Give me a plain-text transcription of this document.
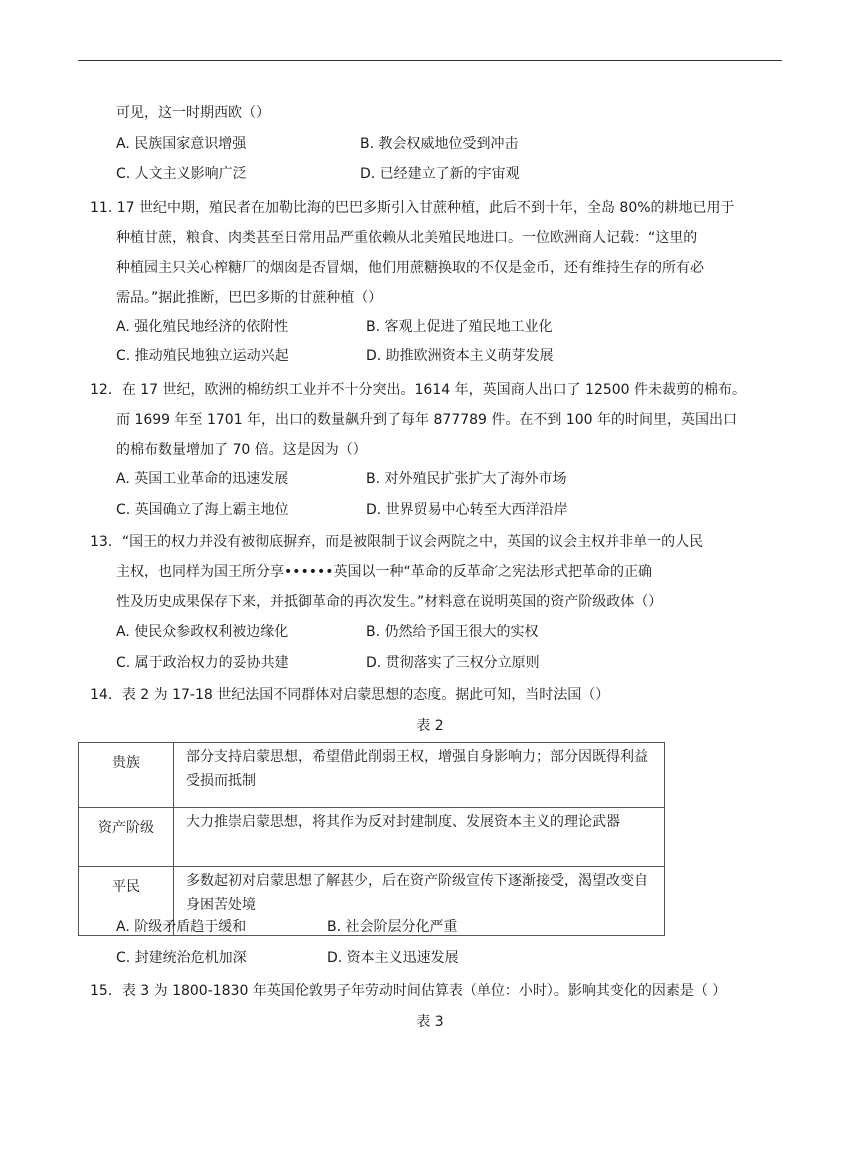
可见，这一时期西欧（）
A. 民族国家意识增强	B. 教会权威地位受到冲击
C. 人文主义影响广泛	D. 已经建立了新的宇宙观
11. 17 世纪中期，殖民者在加勒比海的巴巴多斯引入甘蔗种植，此后不到十年，全岛 80%的耕地已用于
种植甘蔗，粮食、肉类甚至日常用品严重依赖从北美殖民地进口。一位欧洲商人记载：“这里的
种植园主只关心榨糖厂的烟囱是否冒烟，他们用蔗糖换取的不仅是金币，还有维持生存的所有必
需品。”据此推断，巴巴多斯的甘蔗种植（）
A. 强化殖民地经济的依附性	B. 客观上促进了殖民地工业化
C. 推动殖民地独立运动兴起	D. 助推欧洲资本主义萌芽发展
12．在 17 世纪，欧洲的棉纺织工业并不十分突出。1614 年，英国商人出口了 12500 件未裁剪的棉布。
而 1699 年至 1701 年，出口的数量飙升到了每年 877789 件。在不到 100 年的时间里，英国出口
的棉布数量增加了 70 倍。这是因为（）
A. 英国工业革命的迅速发展	B. 对外殖民扩张扩大了海外市场
C. 英国确立了海上霸主地位	D. 世界贸易中心转至大西洋沿岸
13．“国王的权力并没有被彻底摒弃，而是被限制于议会两院之中，英国的议会主权并非单一的人民
主权，也同样为国王所分享••••••英国以一种“革命的反革命′之宪法形式把革命的正确
性及历史成果保存下来，并抵御革命的再次发生。”材料意在说明英国的资产阶级政体（）
A. 使民众参政权利被边缘化	B. 仍然给予国王很大的实权
C. 属于政治权力的妥协共建	D. 贯彻落实了三权分立原则
14．表 2 为 17-18 世纪法国不同群体对启蒙思想的态度。据此可知，当时法国（）
表 2
贵族	部分支持启蒙思想，希望借此削弱王权，增强自身影响力；部分因既得利益受损而抵制
资产阶级	大力推崇启蒙思想，将其作为反对封建制度、发展资本主义的理论武器
平民	多数起初对启蒙思想了解甚少，后在资产阶级宣传下逐渐接受，渴望改变自身困苦处境
A. 阶级矛盾趋于缓和	B. 社会阶层分化严重
C. 封建统治危机加深	D. 资本主义迅速发展
15．表 3 为 1800-1830 年英国伦敦男子年劳动时间估算表（单位：小时）。影响其变化的因素是（ ）
表 3
